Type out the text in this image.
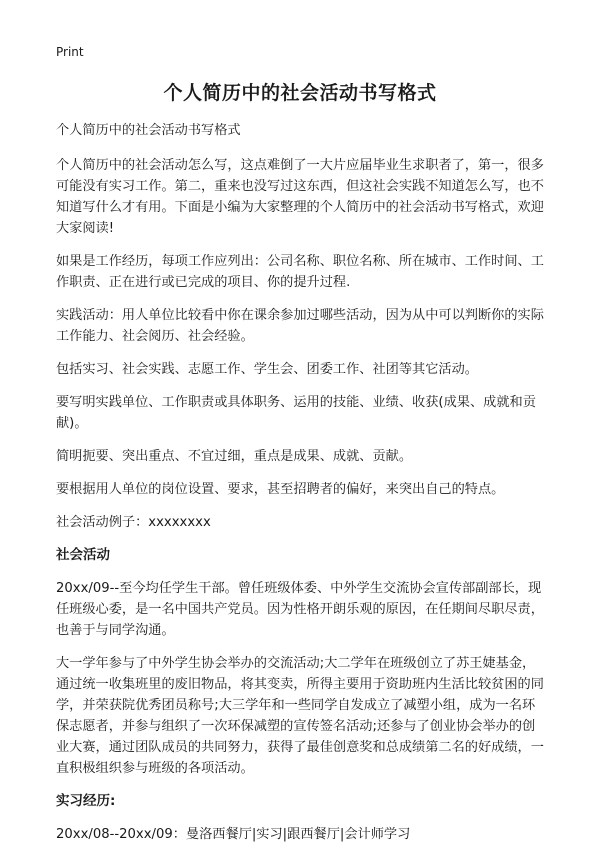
Print
个人简历中的社会活动书写格式

个人简历中的社会活动书写格式

个人简历中的社会活动怎么写，这点难倒了一大片应届毕业生求职者了，第一，很多可能没有实习工作。第二，重来也没写过这东西，但这社会实践不知道怎么写，也不知道写什么才有用。下面是小编为大家整理的个人简历中的社会活动书写格式，欢迎大家阅读!

如果是工作经历，每项工作应列出：公司名称、职位名称、所在城市、工作时间、工作职责、正在进行或已完成的项目、你的提升过程.

实践活动：用人单位比较看中你在课余参加过哪些活动，因为从中可以判断你的实际工作能力、社会阅历、社会经验。

包括实习、社会实践、志愿工作、学生会、团委工作、社团等其它活动。

要写明实践单位、工作职责或具体职务、运用的技能、业绩、收获(成果、成就和贡献)。

简明扼要、突出重点、不宜过细，重点是成果、成就、贡献。

要根据用人单位的岗位设置、要求，甚至招聘者的偏好，来突出自己的特点。

社会活动例子：xxxxxxxx

社会活动

20xx/09--至今均任学生干部。曾任班级体委、中外学生交流协会宣传部副部长，现任班级心委，是一名中国共产党员。因为性格开朗乐观的原因，在任期间尽职尽责，也善于与同学沟通。

大一学年参与了中外学生协会举办的交流活动;大二学年在班级创立了苏王婕基金，通过统一收集班里的废旧物品，将其变卖，所得主要用于资助班内生活比较贫困的同学，并荣获院优秀团员称号;大三学年和一些同学自发成立了减塑小组，成为一名环保志愿者，并参与组织了一次环保减塑的宣传签名活动;还参与了创业协会举办的创业大赛，通过团队成员的共同努力，获得了最佳创意奖和总成绩第二名的好成绩，一直积极组织参与班级的各项活动。

实习经历:

20xx/08--20xx/09：曼洛西餐厅|实习|跟西餐厅|会计师学习
